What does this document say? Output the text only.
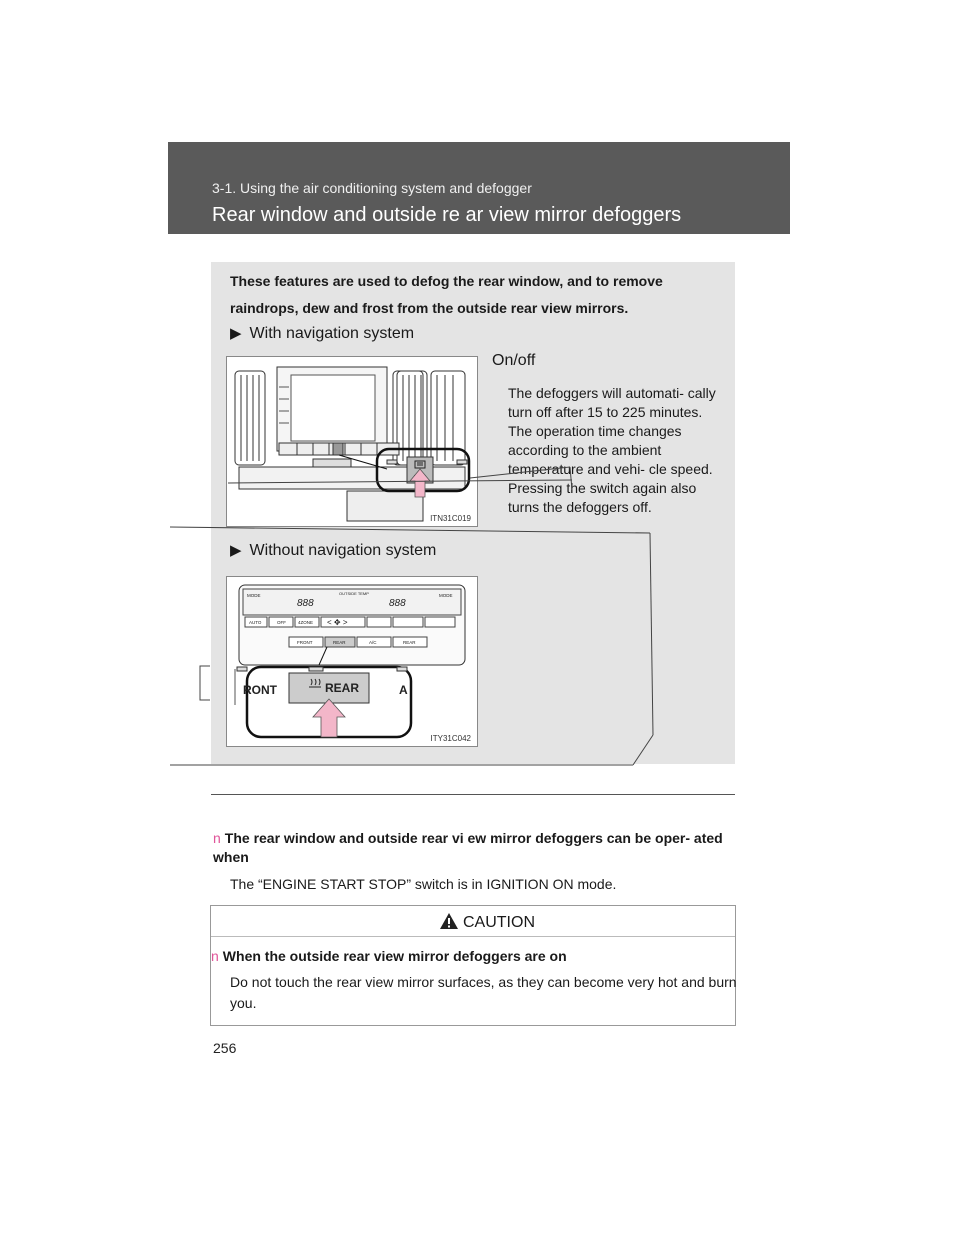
3‑1. Using the air conditioning system and defogger
Rear window and outside re ar view mirror defoggers
These features are used to defog the rear window, and to remove raindrops, dew and frost from the outside rear view mirrors.
▶ With navigation system
ITN31C019
On/off
The defoggers will automati‑ cally turn off after 15 to 225 minutes. The operation time changes according to the ambient temperature and vehi‑ cle speed. Pressing the switch again also turns the defoggers off.
▶ Without navigation system
MODE	MODE
888
OUTSIDE TEMP
888
AUTO	OFF	4ZONE < ✥ >
FRONT	REAR	A/C	REAR
RONT	REAR	A
ITY31C042
n The rear window and outside rear vi ew mirror defoggers can be oper‑ ated when
The “ENGINE START STOP” switch is in IGNITION ON mode.
CAUTION
n When the outside rear view mirror defoggers are on
Do not touch the rear view mirror surfaces, as they can become very hot and burn you.
256
